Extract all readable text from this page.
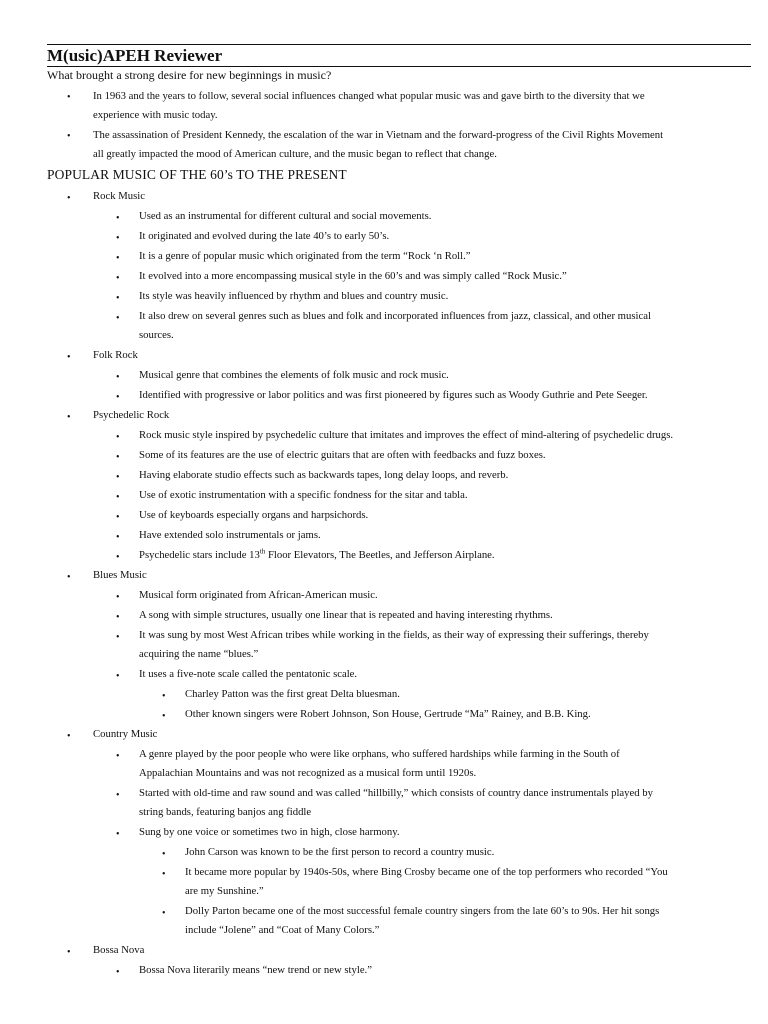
M(usic)APEH Reviewer
What brought a strong desire for new beginnings in music?
• In 1963 and the years to follow, several social influences changed what popular music was and gave birth to the diversity that we
experience with music today.
• The assassination of President Kennedy, the escalation of the war in Vietnam and the forward-progress of the Civil Rights Movement
all greatly impacted the mood of American culture, and the music began to reflect that change.
POPULAR MUSIC OF THE 60’s TO THE PRESENT
• Rock Music
• Used as an instrumental for different cultural and social movements.
• It originated and evolved during the late 40’s to early 50’s.
• It is a genre of popular music which originated from the term “Rock ‘n Roll.”
• It evolved into a more encompassing musical style in the 60’s and was simply called “Rock Music.”
• Its style was heavily influenced by rhythm and blues and country music.
• It also drew on several genres such as blues and folk and incorporated influences from jazz, classical, and other musical
sources.
• Folk Rock
• Musical genre that combines the elements of folk music and rock music.
• Identified with progressive or labor politics and was first pioneered by figures such as Woody Guthrie and Pete Seeger.
• Psychedelic Rock
• Rock music style inspired by psychedelic culture that imitates and improves the effect of mind-altering of psychedelic drugs.
• Some of its features are the use of electric guitars that are often with feedbacks and fuzz boxes.
• Having elaborate studio effects such as backwards tapes, long delay loops, and reverb.
• Use of exotic instrumentation with a specific fondness for the sitar and tabla.
• Use of keyboards especially organs and harpsichords.
• Have extended solo instrumentals or jams.
• Psychedelic stars include 13th Floor Elevators, The Beetles, and Jefferson Airplane.
• Blues Music
• Musical form originated from African-American music.
• A song with simple structures, usually one linear that is repeated and having interesting rhythms.
• It was sung by most West African tribes while working in the fields, as their way of expressing their sufferings, thereby
acquiring the name “blues.”
• It uses a five-note scale called the pentatonic scale.
• Charley Patton was the first great Delta bluesman.
• Other known singers were Robert Johnson, Son House, Gertrude “Ma” Rainey, and B.B. King.
• Country Music
• A genre played by the poor people who were like orphans, who suffered hardships while farming in the South of
Appalachian Mountains and was not recognized as a musical form until 1920s.
• Started with old-time and raw sound and was called “hillbilly,” which consists of country dance instrumentals played by
string bands, featuring banjos ang fiddle
• Sung by one voice or sometimes two in high, close harmony.
• John Carson was known to be the first person to record a country music.
• It became more popular by 1940s-50s, where Bing Crosby became one of the top performers who recorded “You
are my Sunshine.”
• Dolly Parton became one of the most successful female country singers from the late 60’s to 90s. Her hit songs
include “Jolene” and “Coat of Many Colors.”
• Bossa Nova
• Bossa Nova literarily means “new trend or new style.”
